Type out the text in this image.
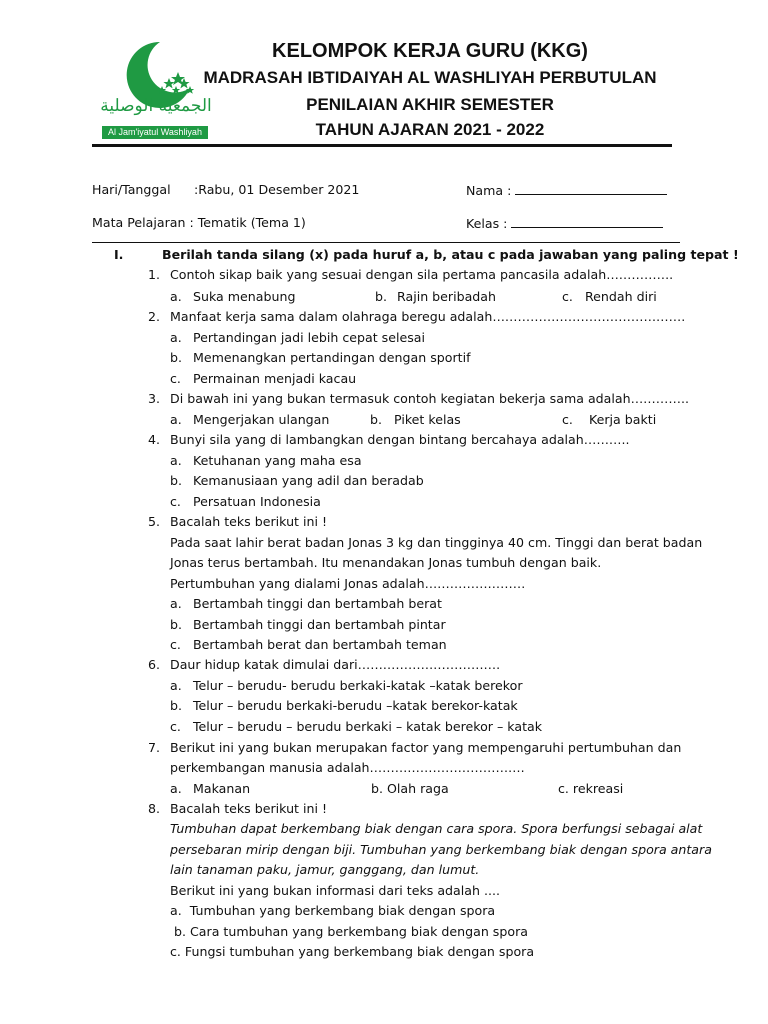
الجمعية الوصلية
Al Jam'iyatul Washliyah
KELOMPOK KERJA GURU (KKG)
MADRASAH IBTIDAIYAH AL WASHLIYAH PERBUTULAN
PENILAIAN AKHIR SEMESTER
TAHUN AJARAN 2021 - 2022
Hari/Tanggal :Rabu, 01 Desember 2021
Mata Pelajaran : Tematik (Tema 1)
Nama :
Kelas :
I.	Berilah tanda silang (x) pada huruf a, b, atau c pada jawaban yang paling tepat !
1. Contoh sikap baik yang sesuai dengan sila pertama pancasila adalah…………….
a. Suka menabung	b. Rajin beribadah	c. Rendah diri
2. Manfaat kerja sama dalam olahraga beregu adalah……………………………………….
a. Pertandingan jadi lebih cepat selesai
b. Memenangkan pertandingan dengan sportif
c. Permainan menjadi kacau
3. Di bawah ini yang bukan termasuk contoh kegiatan bekerja sama adalah…………..
a. Mengerjakan ulangan	b. Piket kelas	c. Kerja bakti
4. Bunyi sila yang di lambangkan dengan bintang bercahaya adalah………..
a. Ketuhanan yang maha esa
b. Kemanusiaan yang adil dan beradab
c. Persatuan Indonesia
5. Bacalah teks berikut ini !
Pada saat lahir berat badan Jonas 3 kg dan tingginya 40 cm. Tinggi dan berat badan
Jonas terus bertambah. Itu menandakan Jonas tumbuh dengan baik.
Pertumbuhan yang dialami Jonas adalah……………………
a. Bertambah tinggi dan bertambah berat
b. Bertambah tinggi dan bertambah pintar
c. Bertambah berat dan bertambah teman
6. Daur hidup katak dimulai dari…………………………….
a. Telur – berudu- berudu berkaki-katak –katak berekor
b. Telur – berudu berkaki-berudu –katak berekor-katak
c. Telur – berudu – berudu berkaki – katak berekor – katak
7. Berikut ini yang bukan merupakan factor yang mempengaruhi pertumbuhan dan
perkembangan manusia adalah……………………………….
a. Makanan	b. Olah raga	c. rekreasi
8. Bacalah teks berikut ini !
Tumbuhan dapat berkembang biak dengan cara spora. Spora berfungsi sebagai alat
persebaran mirip dengan biji. Tumbuhan yang berkembang biak dengan spora antara
lain tanaman paku, jamur, ganggang, dan lumut.
Berikut ini yang bukan informasi dari teks adalah ....
a.  Tumbuhan yang berkembang biak dengan spora
b. Cara tumbuhan yang berkembang biak dengan spora
c. Fungsi tumbuhan yang berkembang biak dengan spora
